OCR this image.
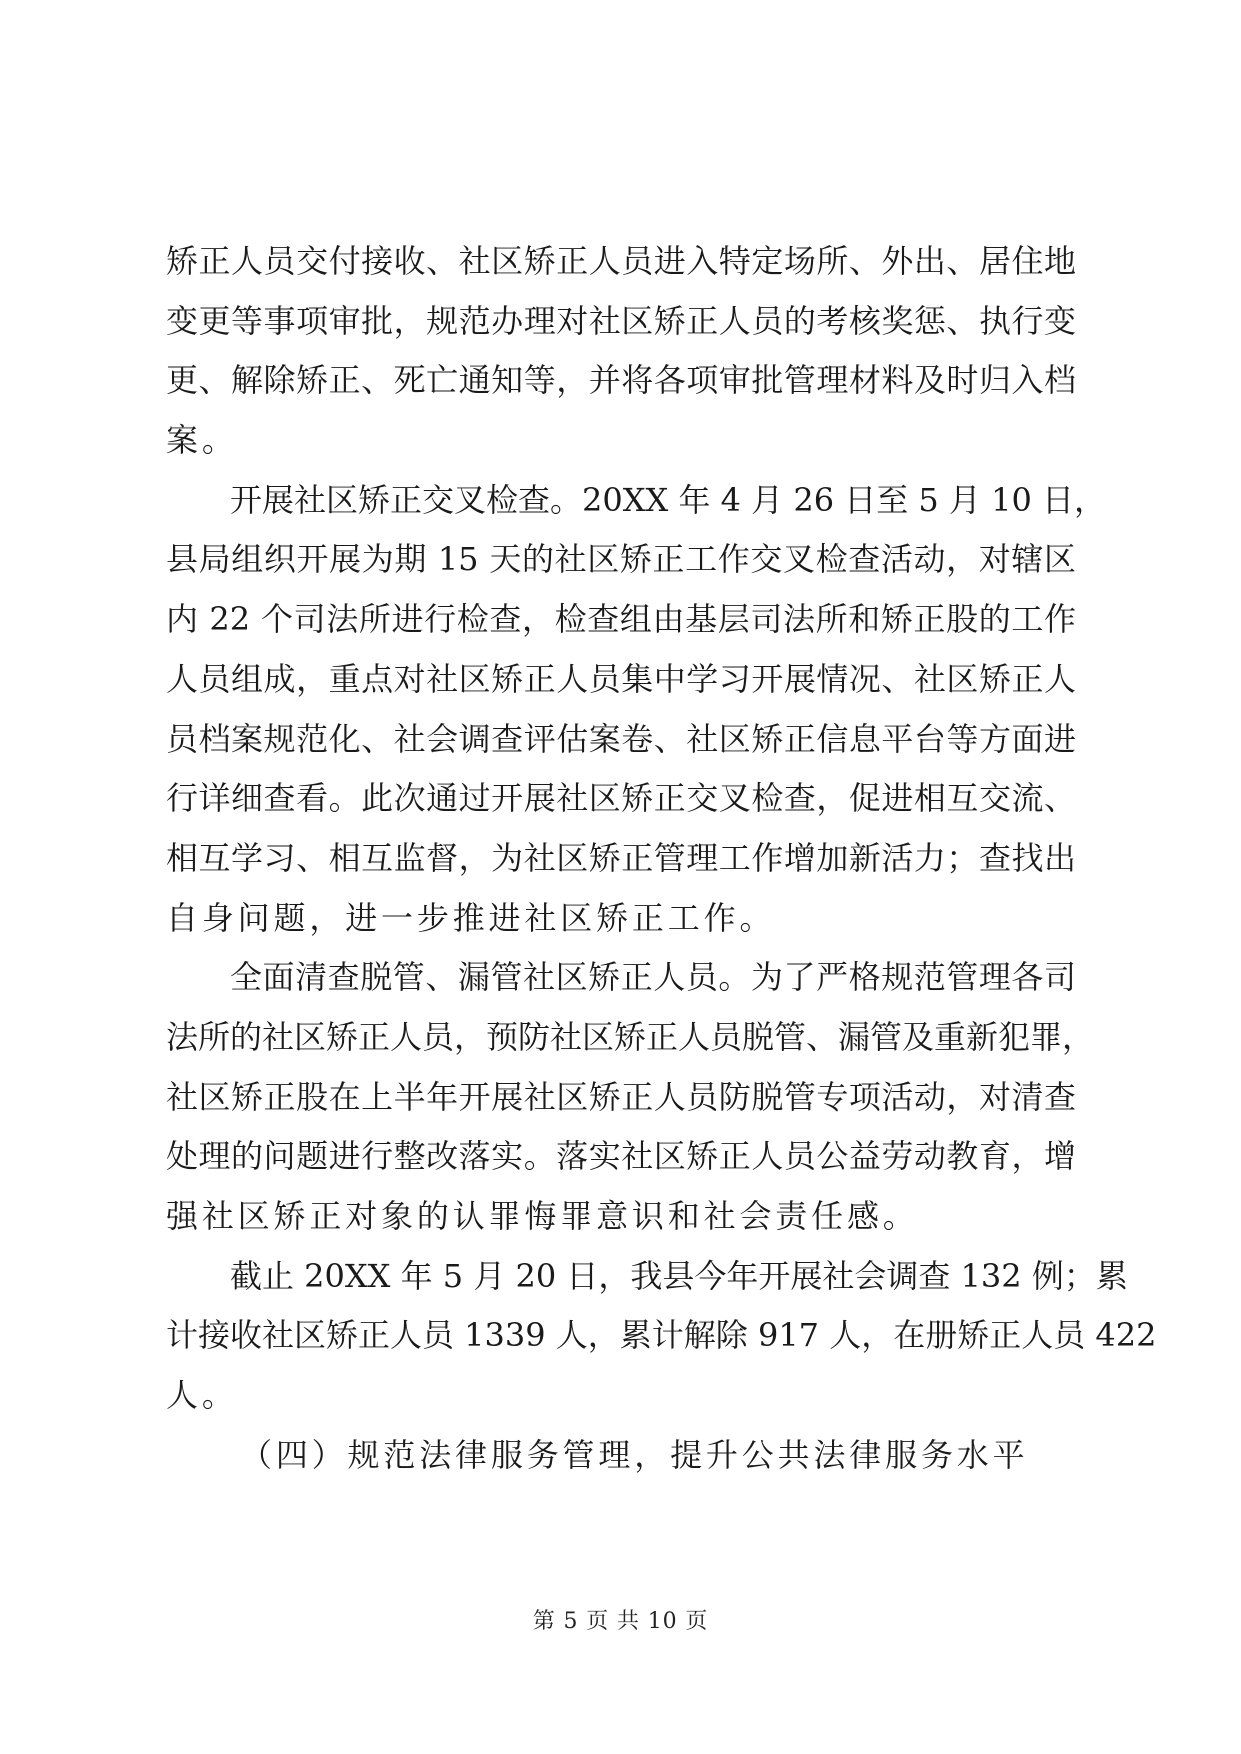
矫正人员交付接收、社区矫正人员进入特定场所、外出、居住地
变更等事项审批，规范办理对社区矫正人员的考核奖惩、执行变
更、解除矫正、死亡通知等，并将各项审批管理材料及时归入档
案。
开展社区矫正交叉检查。20XX 年 4 月 26 日至 5 月 10 日，
县局组织开展为期 15 天的社区矫正工作交叉检查活动，对辖区
内 22 个司法所进行检查，检查组由基层司法所和矫正股的工作
人员组成，重点对社区矫正人员集中学习开展情况、社区矫正人
员档案规范化、社会调查评估案卷、社区矫正信息平台等方面进
行详细查看。此次通过开展社区矫正交叉检查，促进相互交流、
相互学习、相互监督，为社区矫正管理工作增加新活力；查找出
自身问题，进一步推进社区矫正工作。
全面清查脱管、漏管社区矫正人员。为了严格规范管理各司
法所的社区矫正人员，预防社区矫正人员脱管、漏管及重新犯罪，
社区矫正股在上半年开展社区矫正人员防脱管专项活动，对清查
处理的问题进行整改落实。落实社区矫正人员公益劳动教育，增
强社区矫正对象的认罪悔罪意识和社会责任感。
截止 20XX 年 5 月 20 日，我县今年开展社会调查 132 例；累
计接收社区矫正人员 1339 人，累计解除 917 人，在册矫正人员 422
人。
（四）规范法律服务管理，提升公共法律服务水平
第 5 页 共 10 页
